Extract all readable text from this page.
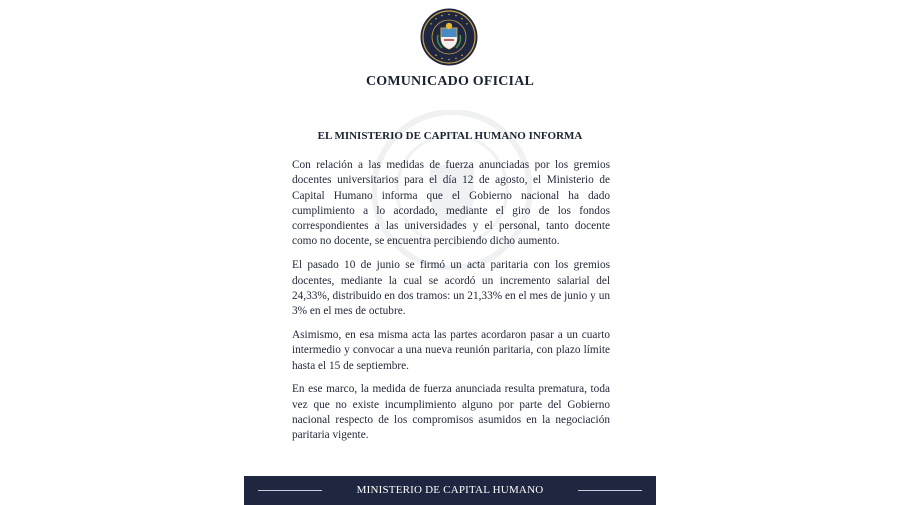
COMUNICADO OFICIAL
EL MINISTERIO DE CAPITAL HUMANO INFORMA

Con relación a las medidas de fuerza anunciadas por los gremios docentes universitarios para el día 12 de agosto, el Ministerio de Capital Humano informa que el Gobierno nacional ha dado cumplimiento a lo acordado, mediante el giro de los fondos correspondientes a las universidades y el personal, tanto docente como no docente, se encuentra percibiendo dicho aumento.

El pasado 10 de junio se firmó un acta paritaria con los gremios docentes, mediante la cual se acordó un incremento salarial del 24,33%, distribuido en dos tramos: un 21,33% en el mes de junio y un 3% en el mes de octubre.

Asimismo, en esa misma acta las partes acordaron pasar a un cuarto intermedio y convocar a una nueva reunión paritaria, con plazo límite hasta el 15 de septiembre.

En ese marco, la medida de fuerza anunciada resulta prematura, toda vez que no existe incumplimiento alguno por parte del Gobierno nacional respecto de los compromisos asumidos en la negociación paritaria vigente.

MINISTERIO DE CAPITAL HUMANO
